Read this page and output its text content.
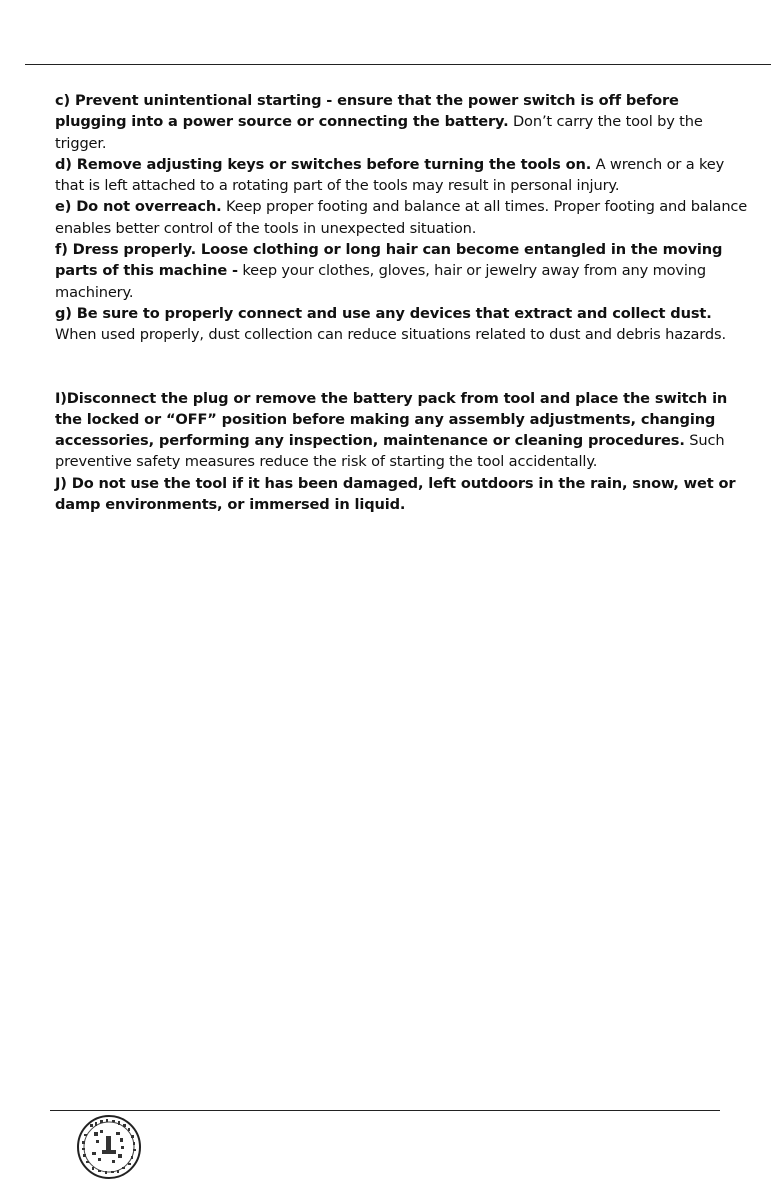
c) Prevent unintentional starting - ensure that the power switch is off before plugging into a power source or connecting the battery. Don’t carry the tool by the trigger.

d) Remove adjusting keys or switches before turning the tools on. A wrench or a key that is left attached to a rotating part of the tools may result in personal injury.

e) Do not overreach. Keep proper footing and balance at all times. Proper footing and balance enables better control of the tools in unexpected situation.

f) Dress properly. Loose clothing or long hair can become entangled in the moving parts of this machine - keep your clothes, gloves, hair or jewelry away from any moving machinery.

g) Be sure to properly connect and use any devices that extract and collect dust. When used properly, dust collection can reduce situations related to dust and debris hazards.

I)Disconnect the plug or remove the battery pack from tool and place the switch in the locked or “OFF” position before making any assembly adjustments, changing accessories, performing any inspection, maintenance or cleaning procedures. Such preventive safety measures reduce the risk of starting the tool accidentally.

J) Do not use the tool if it has been damaged, left outdoors in the rain, snow, wet or damp environments, or immersed in liquid.
